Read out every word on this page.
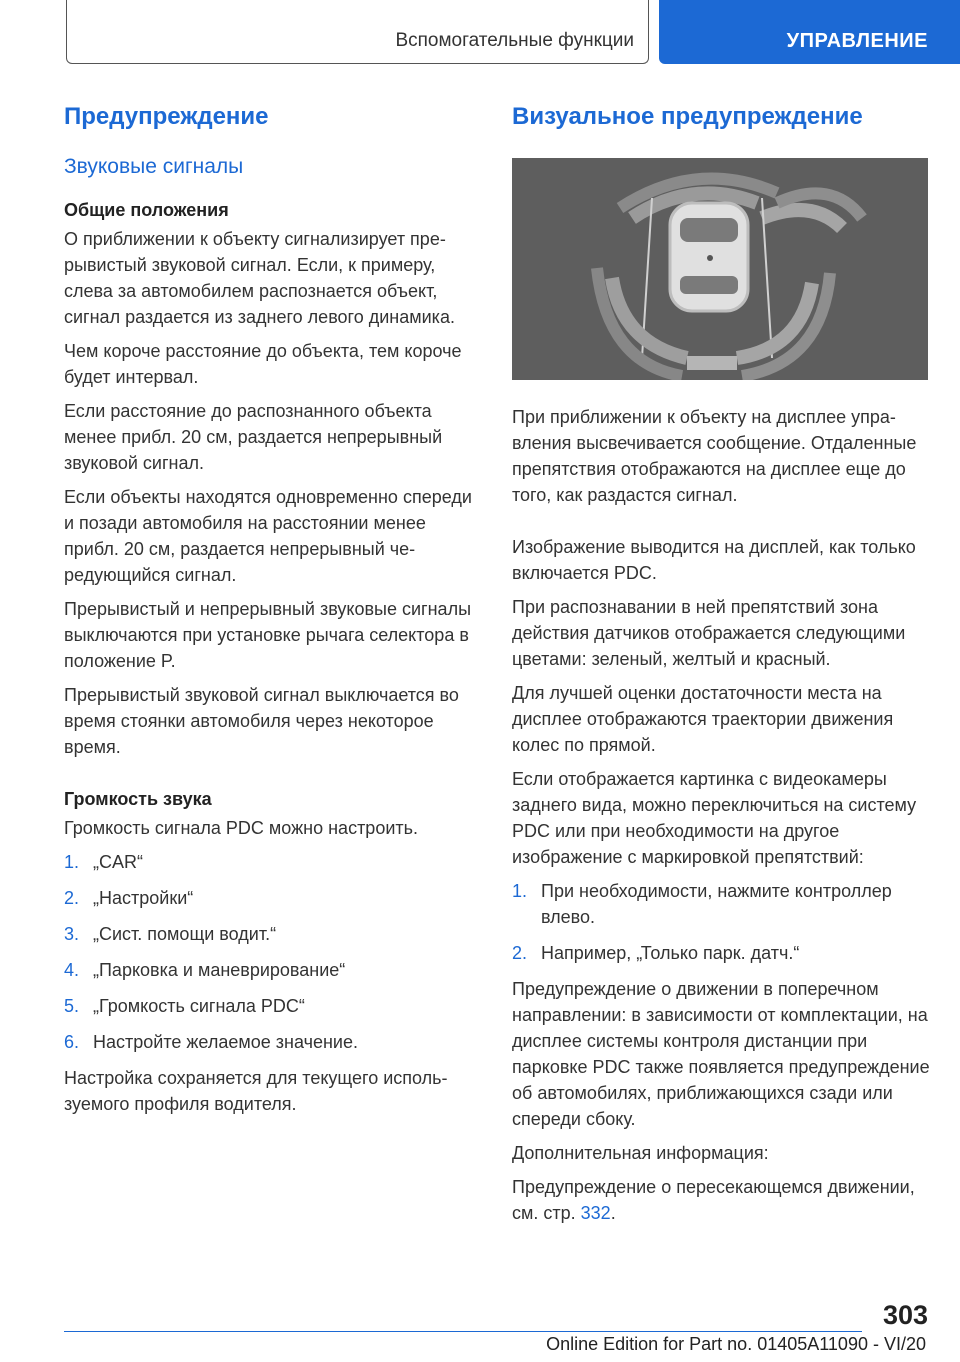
Вспомогательные функции	УПРАВЛЕНИЕ
Предупреждение
Звуковые сигналы
Общие положения

О приближении к объекту сигнализирует прерывистый звуковой сигнал. Если, к примеру, слева за автомобилем распознается объект, сигнал раздается из заднего левого динамика.

Чем короче расстояние до объекта, тем короче будет интервал.

Если расстояние до распознанного объекта менее прибл. 20 см, раздается непрерывный звуковой сигнал.

Если объекты находятся одновременно спереди и позади автомобиля на расстоянии менее прибл. 20 см, раздается непрерывный чередующийся сигнал.

Прерывистый и непрерывный звуковые сигналы выключаются при установке рычага селектора в положение P.

Прерывистый звуковой сигнал выключается во время стоянки автомобиля через некоторое время.

Громкость звука

Громкость сигнала PDC можно настроить.

1. „CAR“
2. „Настройки“
3. „Сист. помощи водит.“
4. „Парковка и маневрирование“
5. „Громкость сигнала PDC“
6. Настройте желаемое значение.

Настройка сохраняется для текущего используемого профиля водителя.

Визуальное предупреждение

При приближении к объекту на дисплее управления высвечивается сообщение. Отдаленные препятствия отображаются на дисплее еще до того, как раздастся сигнал.

Изображение выводится на дисплей, как только включается PDC.

При распознавании в ней препятствий зона действия датчиков отображается следующими цветами: зеленый, желтый и красный.

Для лучшей оценки достаточности места на дисплее отображаются траектории движения колес по прямой.

Если отображается картинка с видеокамеры заднего вида, можно переключиться на систему PDC или при необходимости на другое изображение с маркировкой препятствий:

1. При необходимости, нажмите контроллер влево.
2. Например, „Только парк. датч.“

Предупреждение о движении в поперечном направлении: в зависимости от комплектации, на дисплее системы контроля дистанции при парковке PDC также появляется предупреждение об автомобилях, приближающихся сзади или спереди сбоку.

Дополнительная информация:

Предупреждение о пересекающемся движении, см. стр. 332.

303
Online Edition for Part no. 01405A11090 - VI/20
